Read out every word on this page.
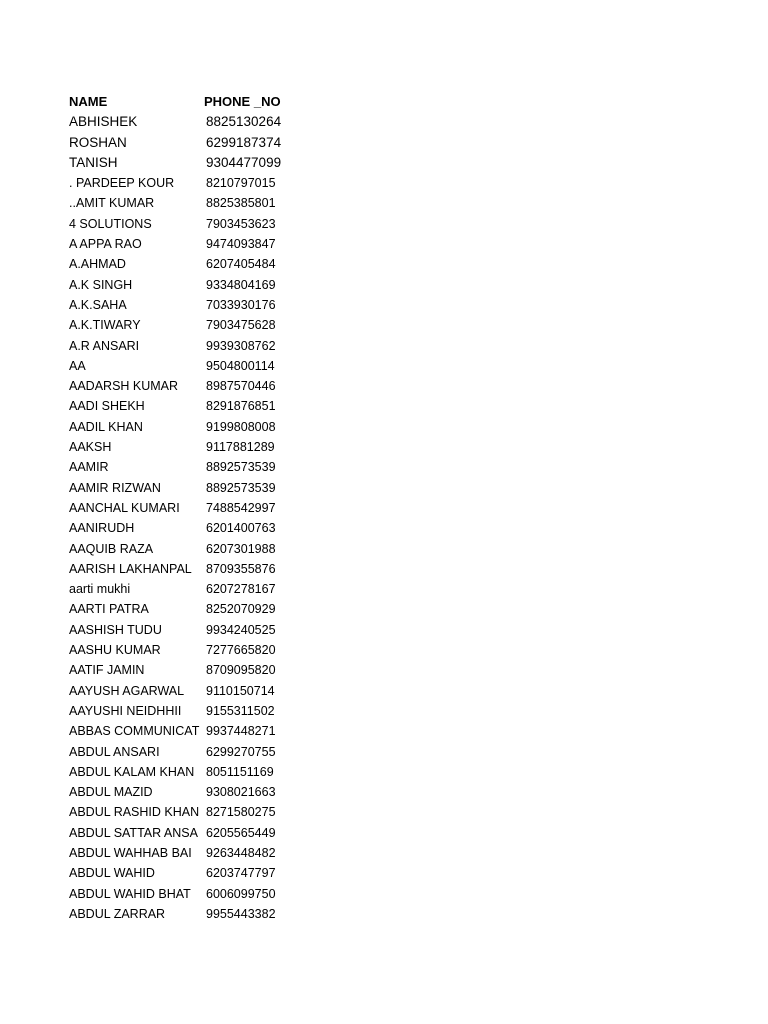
NAME	PHONE _NO
ABHISHEK	8825130264
ROSHAN	6299187374
TANISH	9304477099
. PARDEEP KOUR	8210797015
..AMIT KUMAR	8825385801
4 SOLUTIONS	7903453623
A APPA RAO	9474093847
A.AHMAD	6207405484
A.K SINGH	9334804169
A.K.SAHA	7033930176
A.K.TIWARY	7903475628
A.R ANSARI	9939308762
AA	9504800114
AADARSH KUMAR	8987570446
AADI SHEKH	8291876851
AADIL KHAN	9199808008
AAKSH	9117881289
AAMIR	8892573539
AAMIR RIZWAN	8892573539
AANCHAL KUMARI	7488542997
AANIRUDH	6201400763
AAQUIB RAZA	6207301988
AARISH LAKHANPAL	8709355876
aarti mukhi	6207278167
AARTI PATRA	8252070929
AASHISH TUDU	9934240525
AASHU KUMAR	7277665820
AATIF JAMIN	8709095820
AAYUSH AGARWAL	9110150714
AAYUSHI NEIDHHII	9155311502
ABBAS COMMUNICAT 9937448271
ABDUL ANSARI	6299270755
ABDUL KALAM KHAN 8051151169
ABDUL MAZID	9308021663
ABDUL RASHID KHAN 8271580275
ABDUL SATTAR ANSA 6205565449
ABDUL WAHHAB BAI	9263448482
ABDUL WAHID	6203747797
ABDUL WAHID BHAT	6006099750
ABDUL ZARRAR	9955443382
